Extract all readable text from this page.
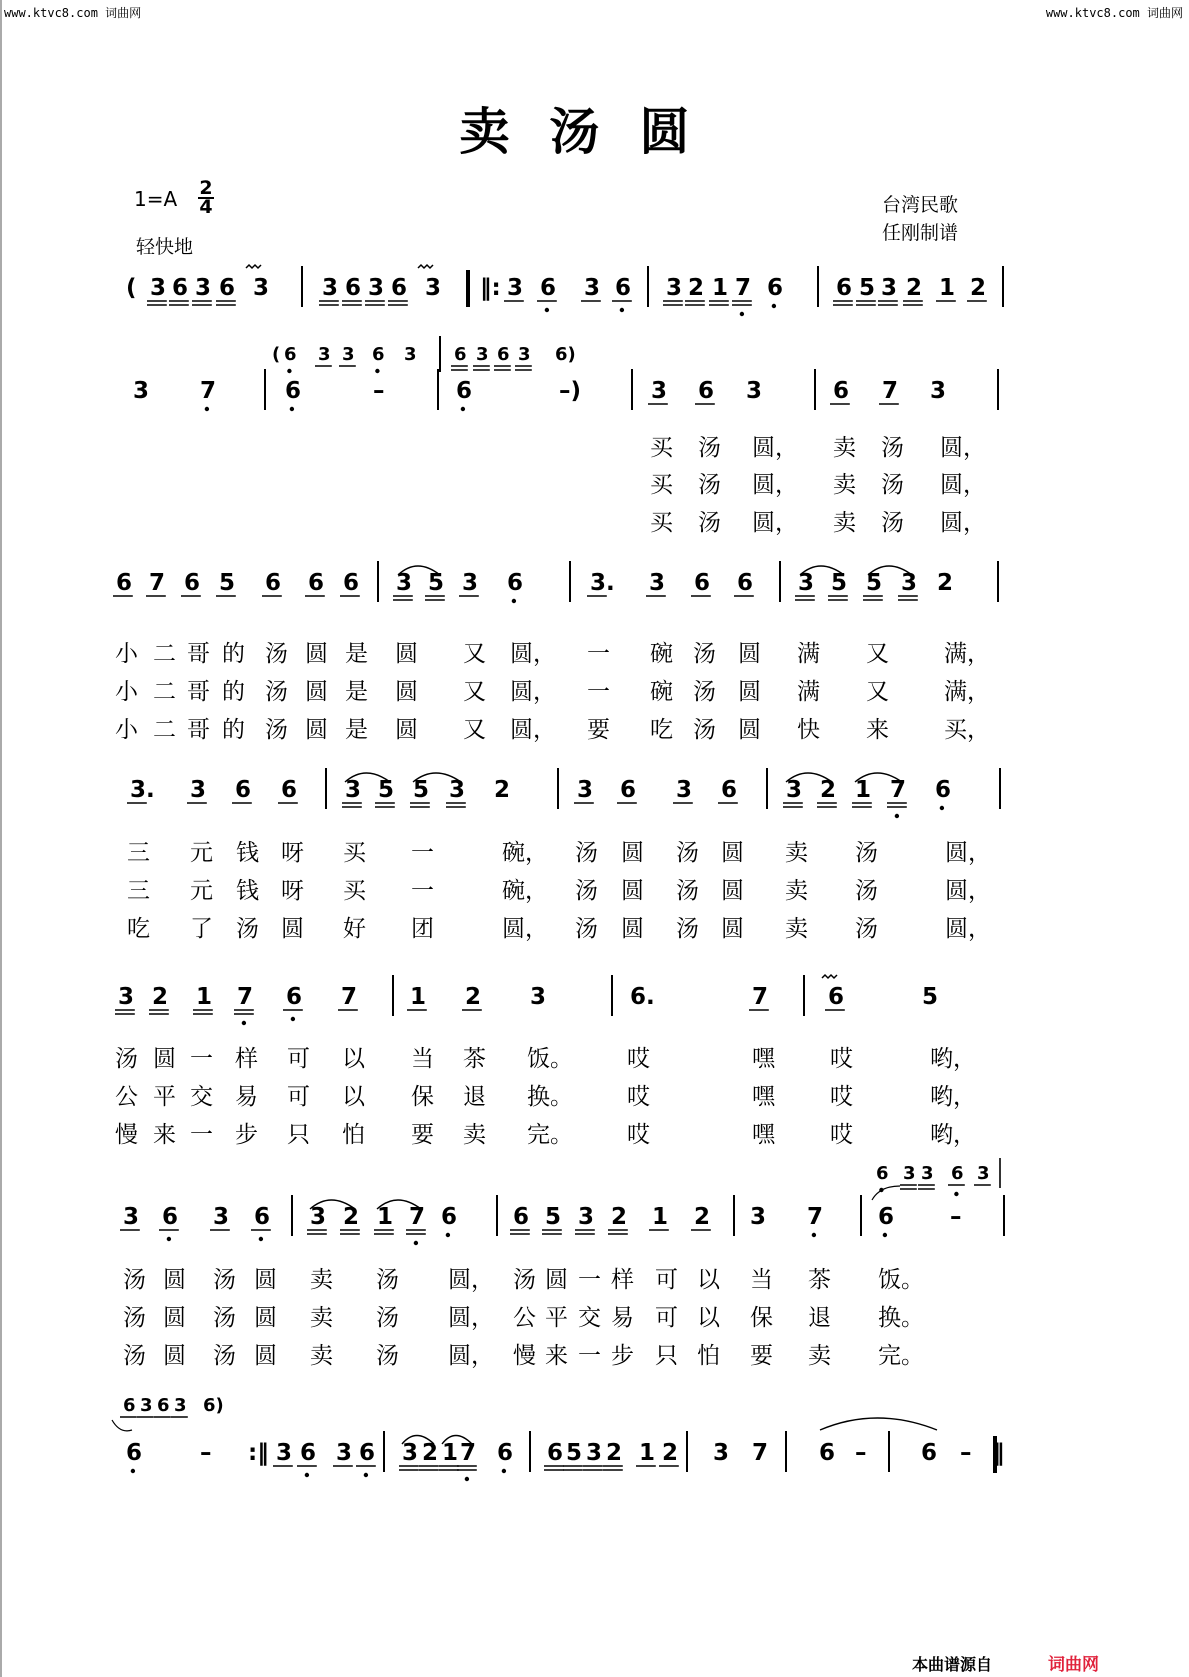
www.ktvc8.com 词曲网	www.ktvc8.com 词曲网
卖汤圆
1=A 2
4
轻快地
台湾民歌
任刚制谱
( 3 6 3 6 3 3 6 3 6 3 ‖: 3 6 3 6 3 2 1 7 6 6 5 3 2 1 2
3 7	6	–	6	–)	3 6 3	6 7 3
买 汤 圆， 卖 汤 圆，
买 汤 圆， 卖 汤 圆，
买 汤 圆， 卖 汤 圆，
6 7 6 5 6 6 6 3 5 3 6	3. 3 6 6 3 5 5 3 2
小 二 哥 的 汤 圆 是 圆 又 圆， 一 碗 汤 圆 满 又 满，
小 二 哥 的 汤 圆 是 圆 又 圆， 一 碗 汤 圆 满 又 满，
小 二 哥 的 汤 圆 是 圆 又 圆， 要 吃 汤 圆 快 来 买，
3. 3 6 6 3 5 5 3 2	3 6 3 6 3 2 1 7 6
三 元 钱 呀 买 一	碗， 汤 圆 汤 圆 卖 汤	圆，
三 元 钱 呀 买 一	碗， 汤 圆 汤 圆 卖 汤	圆，
吃 了 汤 圆 好 团	圆， 汤 圆 汤 圆 卖 汤	圆，
3 2 1 7 6 7 1 2 3	6.	7	6	5
汤 圆 一 样 可 以 当 茶 饭。 哎	嘿 哎	哟，
公 平 交 易 可 以 保 退 换。 哎	嘿 哎	哟，
慢 来 一 步 只 怕 要 卖 完。 哎	嘿 哎	哟，
3 6 3 6 3 2 1 7 6 6 5 3 2 1 2 3 7 6 –
汤 圆 汤 圆 卖 汤 圆， 汤 圆 一 样 可 以 当 茶 饭。
汤 圆 汤 圆 卖 汤 圆， 公 平 交 易 可 以 保 退 换。
汤 圆 汤 圆 卖 汤 圆， 慢 来 一 步 只 怕 要 卖 完。
6	– :‖ 3 6 3 6 3 2 1 7 6 6 5 3 2 1 2 3 7 6 – 6 – ‖
( 6 3 3 6 3 6 3 6 3 6)
6 3 3 6 3
6 3 6 3 6)
本曲谱源自	词曲网
